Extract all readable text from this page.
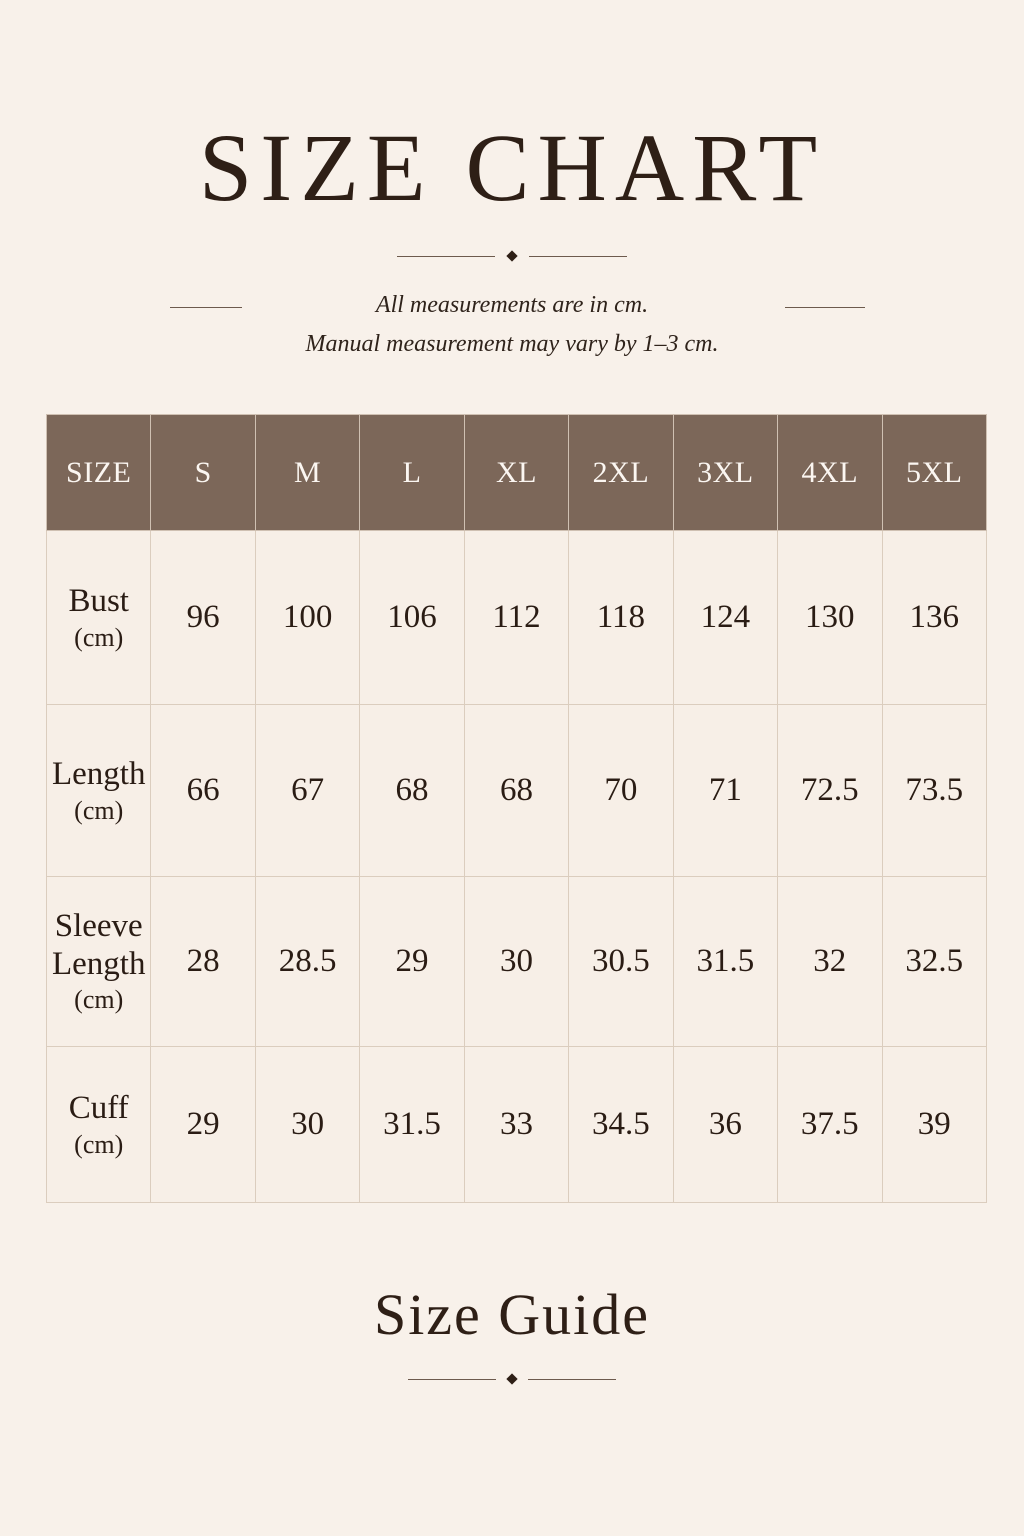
SIZE CHART
All measurements are in cm.
Manual measurement may vary by 1–3 cm.
SIZE	S	M	L	XL	2XL	3XL	4XL	5XL

Bust
(cm)	96	100	106	112	118	124	130	136

Length
(cm)	66	67	68	68	70	71	72.5	73.5

Sleeve
Length
(cm)	28	28.5	29	30	30.5	31.5	32	32.5

Cuff
(cm)	29	30	31.5	33	34.5	36	37.5	39
Size Guide
